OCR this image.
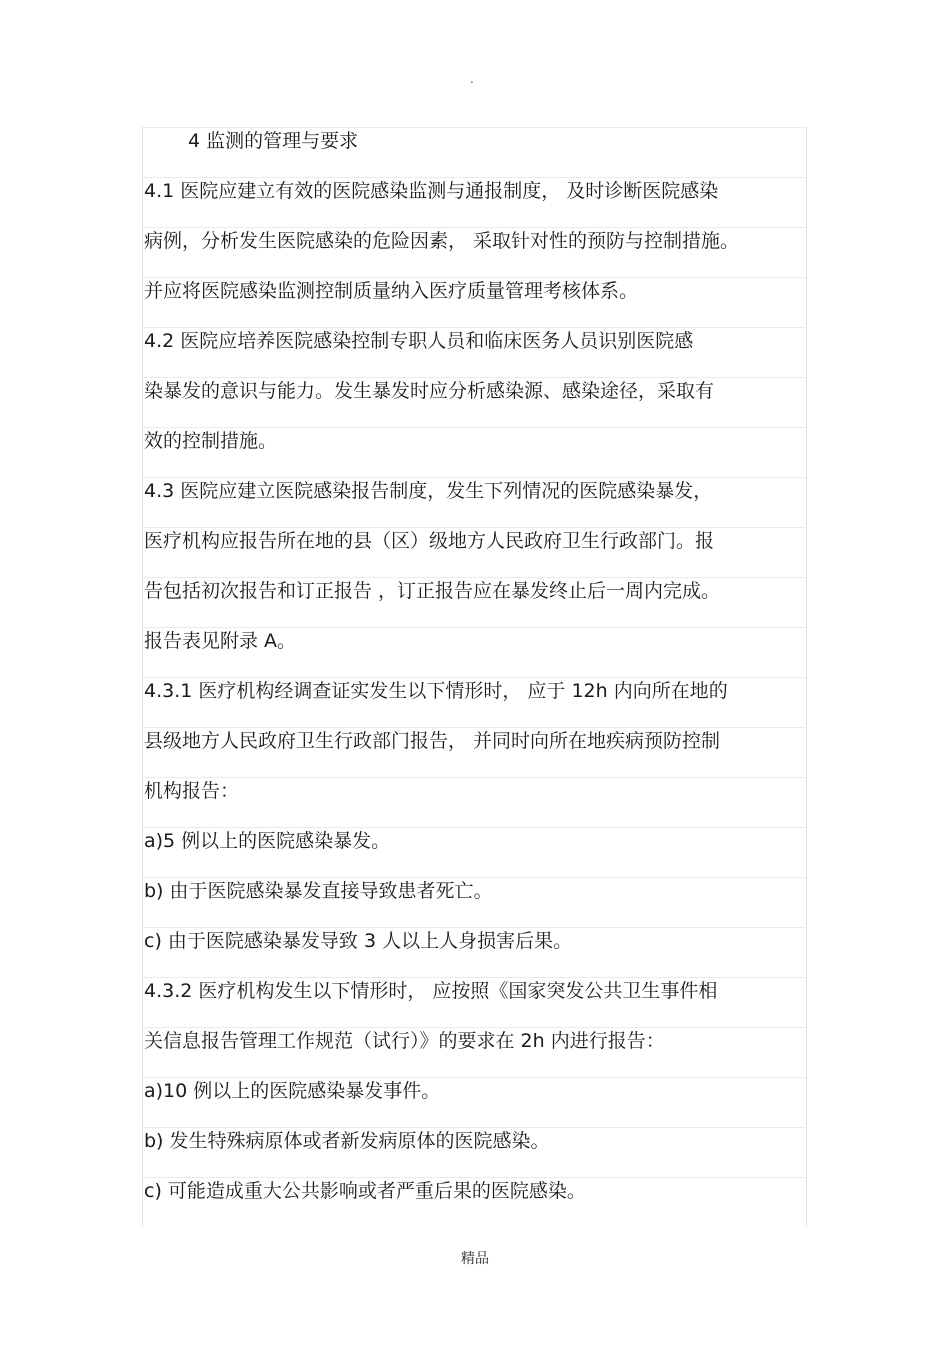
.
4 监测的管理与要求
4.1 医院应建立有效的医院感染监测与通报制度， 及时诊断医院感染
病例，分析发生医院感染的危险因素， 采取针对性的预防与控制措施。
并应将医院感染监测控制质量纳入医疗质量管理考核体系。
4.2 医院应培养医院感染控制专职人员和临床医务人员识别医院感
染暴发的意识与能力。发生暴发时应分析感染源、感染途径，采取有
效的控制措施。
4.3 医院应建立医院感染报告制度，发生下列情况的医院感染暴发，
医疗机构应报告所在地的县（区）级地方人民政府卫生行政部门。报
告包括初次报告和订正报告 ，订正报告应在暴发终止后一周内完成。
报告表见附录 A。
4.3.1 医疗机构经调查证实发生以下情形时， 应于 12h 内向所在地的
县级地方人民政府卫生行政部门报告， 并同时向所在地疾病预防控制
机构报告：
a)5 例以上的医院感染暴发。
b) 由于医院感染暴发直接导致患者死亡。
c) 由于医院感染暴发导致 3 人以上人身损害后果。
4.3.2 医疗机构发生以下情形时， 应按照《国家突发公共卫生事件相
关信息报告管理工作规范（试行）》的要求在 2h 内进行报告：
a)10 例以上的医院感染暴发事件。
b) 发生特殊病原体或者新发病原体的医院感染。
c) 可能造成重大公共影响或者严重后果的医院感染。
精品
